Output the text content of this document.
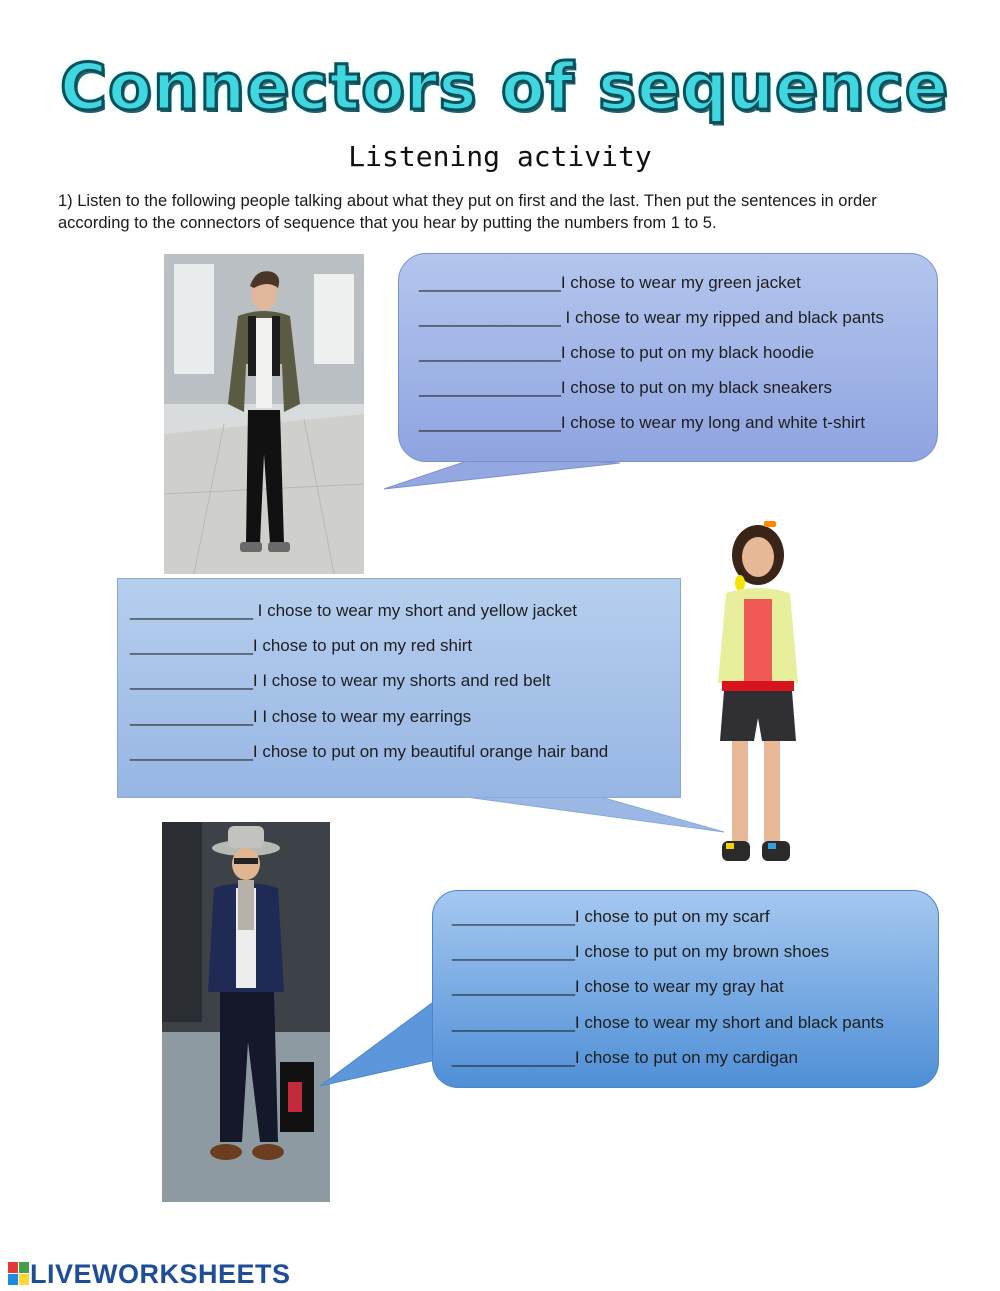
Connectors of sequence
Listening activity
1) Listen to the following people talking about what they put on first and the last. Then put the sentences in order according to the connectors of sequence that you hear by putting the numbers from 1 to 5.
_______________I chose to wear my green jacket
_______________ I chose to wear my ripped and black pants
_______________I chose to put on my black hoodie
_______________I chose to put on my black sneakers
_______________I chose to wear my long and white t-shirt
_____________ I chose to wear my short and yellow jacket
_____________I chose to put on my red shirt
_____________I I chose to wear my shorts and red belt
_____________I I chose to wear my earrings
_____________I chose to put on my beautiful orange hair band
_____________I chose to put on my scarf
_____________I chose to put on my brown shoes
_____________I chose to wear my gray hat
_____________I chose to wear my short and black pants
_____________I chose to put on my cardigan
LIVEWORKSHEETS
